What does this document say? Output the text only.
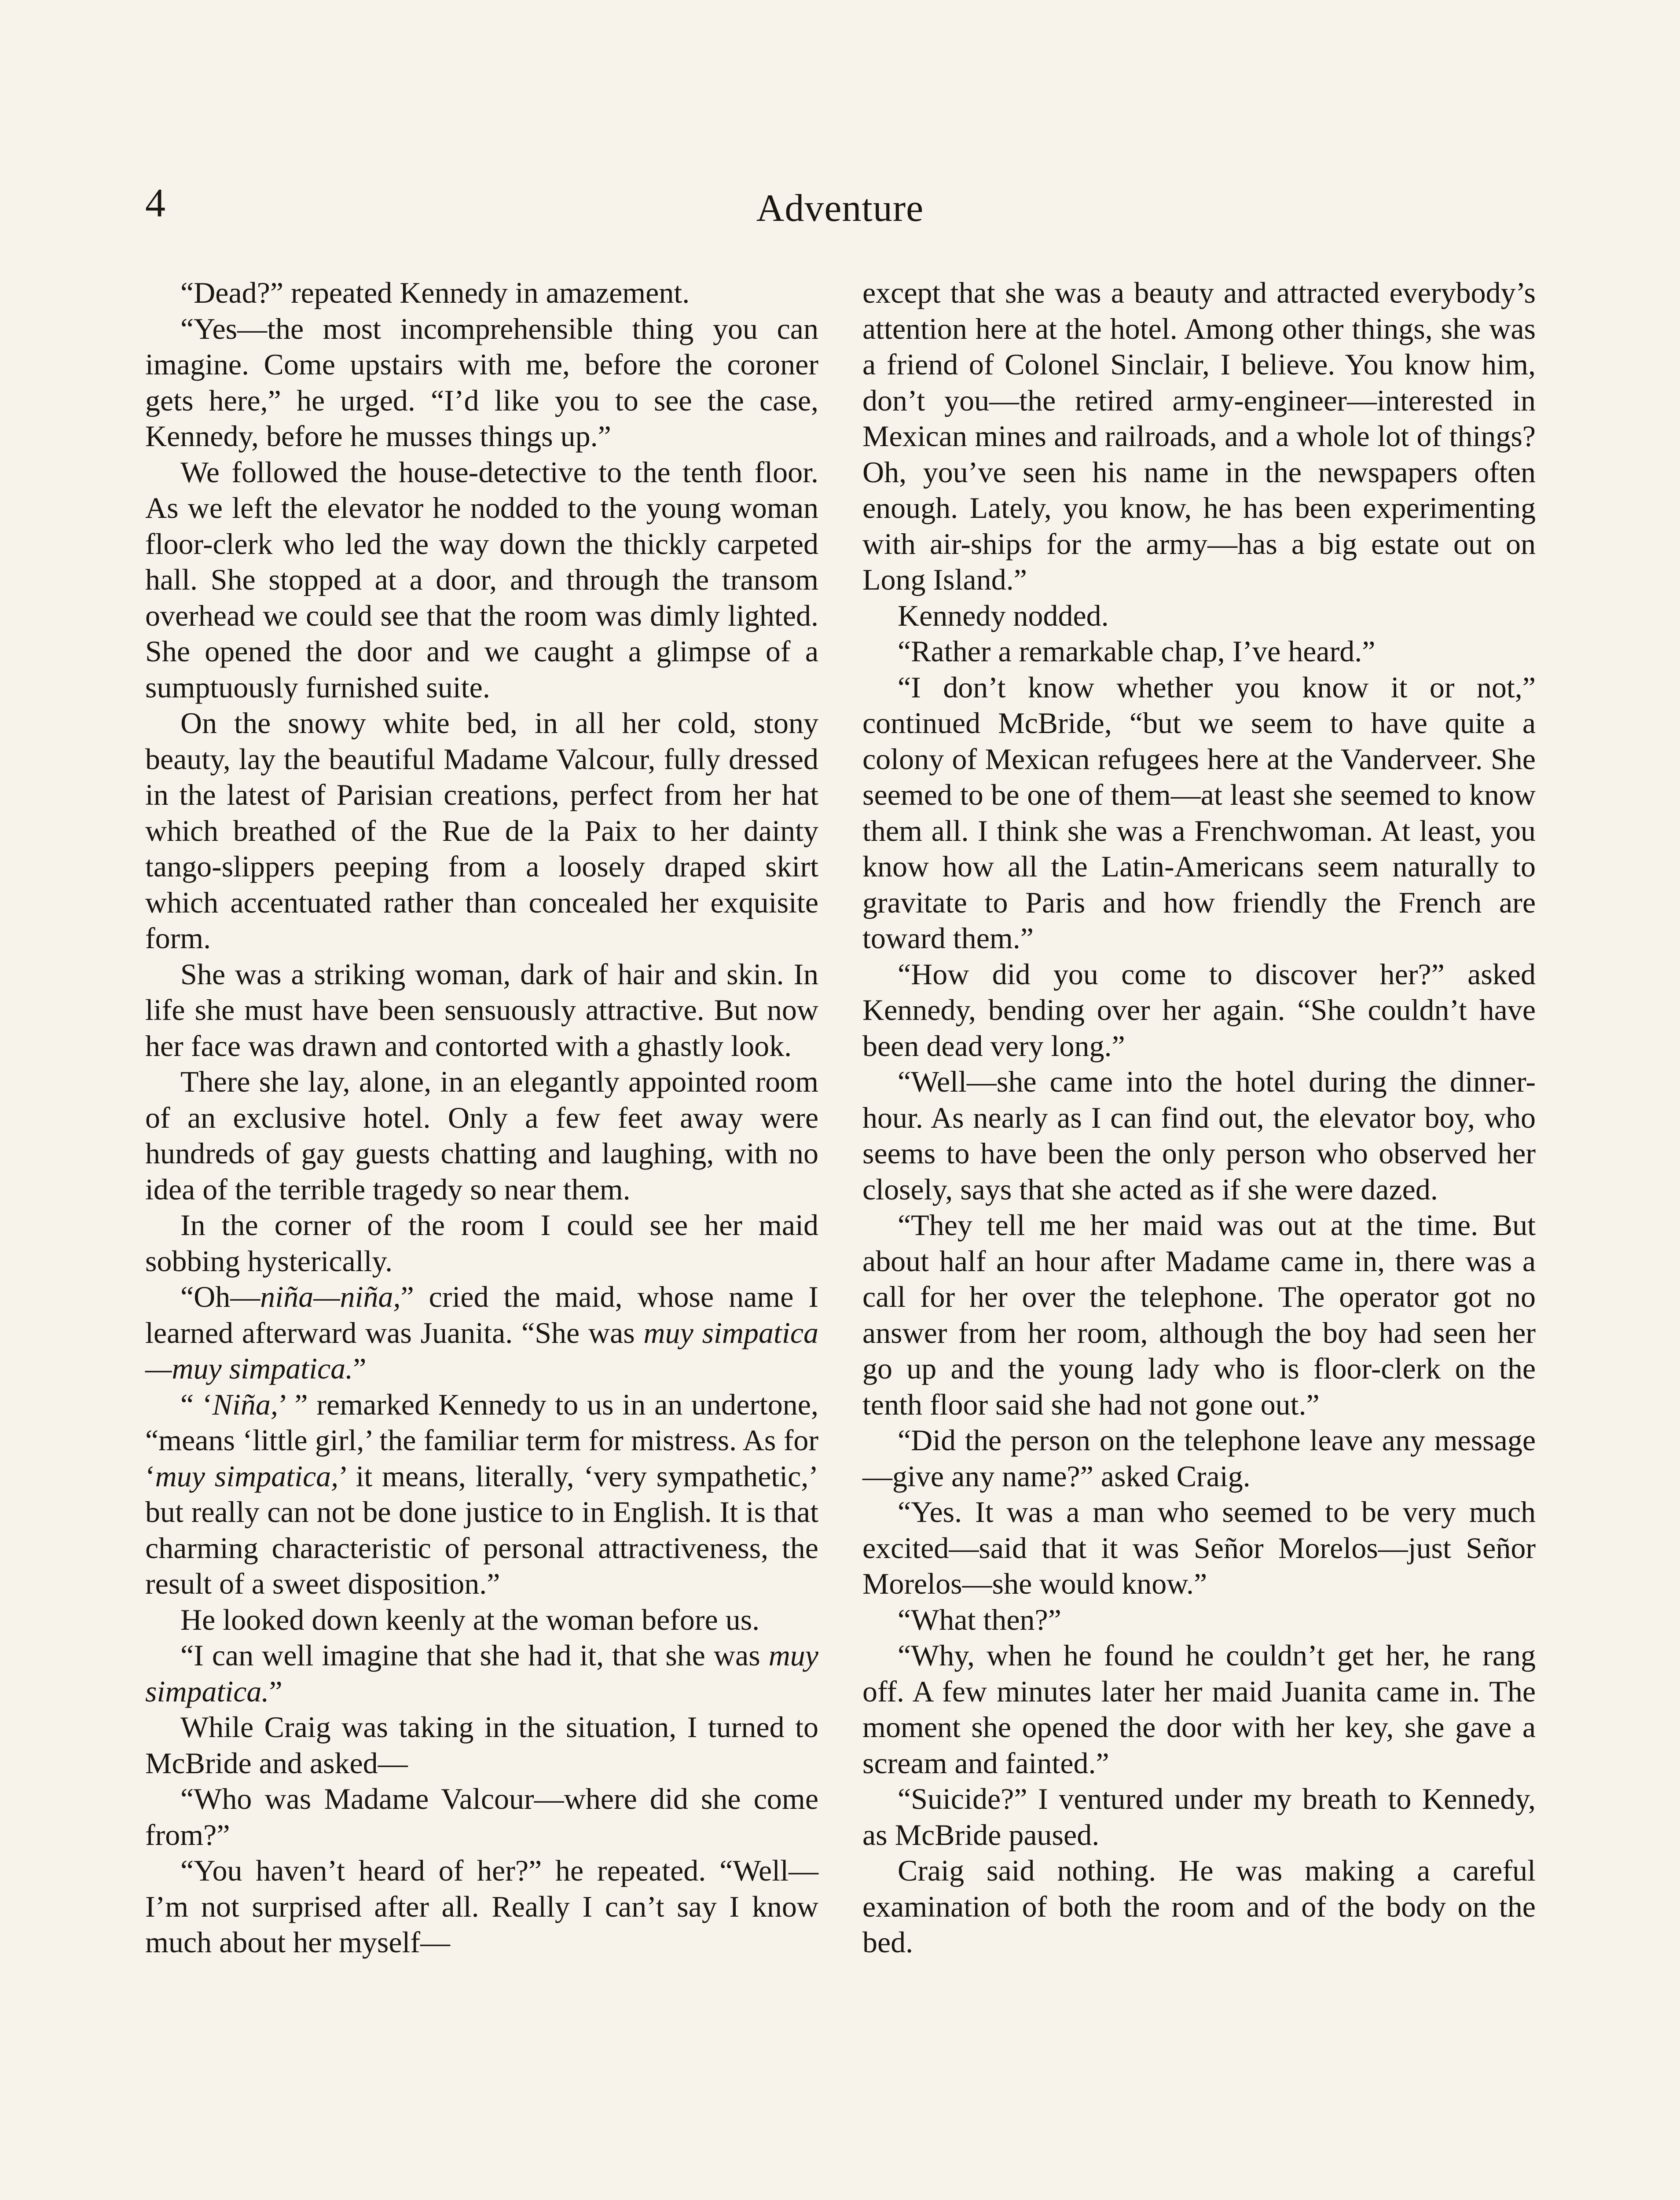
4	Adventure

“Dead?” repeated Kennedy in amazement.

“Yes—the most incomprehensible thing you can imagine. Come upstairs with me, before the coroner gets here,” he urged. “I’d like you to see the case, Kennedy, before he musses things up.”

We followed the house-detective to the tenth floor. As we left the elevator he nodded to the young woman floor-clerk who led the way down the thickly carpeted hall. She stopped at a door, and through the transom overhead we could see that the room was dimly lighted. She opened the door and we caught a glimpse of a sumptuously furnished suite.

On the snowy white bed, in all her cold, stony beauty, lay the beautiful Madame Valcour, fully dressed in the latest of Parisian creations, perfect from her hat which breathed of the Rue de la Paix to her dainty tango-slippers peeping from a loosely draped skirt which accentuated rather than concealed her exquisite form.

She was a striking woman, dark of hair and skin. In life she must have been sensuously attractive. But now her face was drawn and contorted with a ghastly look.

There she lay, alone, in an elegantly appointed room of an exclusive hotel. Only a few feet away were hundreds of gay guests chatting and laughing, with no idea of the terrible tragedy so near them.

In the corner of the room I could see her maid sobbing hysterically.

“Oh—niña—niña,” cried the maid, whose name I learned afterward was Juanita. “She was muy simpatica—muy simpatica.”

“ ‘Niña,’ ” remarked Kennedy to us in an undertone, “means ‘little girl,’ the familiar term for mistress. As for ‘muy simpatica,’ it means, literally, ‘very sympathetic,’ but really can not be done justice to in English. It is that charming characteristic of personal attractiveness, the result of a sweet disposition.”

He looked down keenly at the woman before us.

“I can well imagine that she had it, that she was muy simpatica.”

While Craig was taking in the situation, I turned to McBride and asked—

“Who was Madame Valcour—where did she come from?”

“You haven’t heard of her?” he repeated. “Well—I’m not surprised after all. Really I can’t say I know much about her myself—

except that she was a beauty and attracted everybody’s attention here at the hotel. Among other things, she was a friend of Colonel Sinclair, I believe. You know him, don’t you—the retired army-engineer—interested in Mexican mines and railroads, and a whole lot of things? Oh, you’ve seen his name in the newspapers often enough. Lately, you know, he has been experimenting with air-ships for the army—has a big estate out on Long Island.”

Kennedy nodded.

“Rather a remarkable chap, I’ve heard.”

“I don’t know whether you know it or not,” continued McBride, “but we seem to have quite a colony of Mexican refugees here at the Vanderveer. She seemed to be one of them—at least she seemed to know them all. I think she was a Frenchwoman. At least, you know how all the Latin-Americans seem naturally to gravitate to Paris and how friendly the French are toward them.”

“How did you come to discover her?” asked Kennedy, bending over her again. “She couldn’t have been dead very long.”

“Well—she came into the hotel during the dinner-hour. As nearly as I can find out, the elevator boy, who seems to have been the only person who observed her closely, says that she acted as if she were dazed.

“They tell me her maid was out at the time. But about half an hour after Madame came in, there was a call for her over the telephone. The operator got no answer from her room, although the boy had seen her go up and the young lady who is floor-clerk on the tenth floor said she had not gone out.”

“Did the person on the telephone leave any message—give any name?” asked Craig.

“Yes. It was a man who seemed to be very much excited—said that it was Señor Morelos—just Señor Morelos—she would know.”

“What then?”

“Why, when he found he couldn’t get her, he rang off. A few minutes later her maid Juanita came in. The moment she opened the door with her key, she gave a scream and fainted.”

“Suicide?” I ventured under my breath to Kennedy, as McBride paused.

Craig said nothing. He was making a careful examination of both the room and of the body on the bed.
